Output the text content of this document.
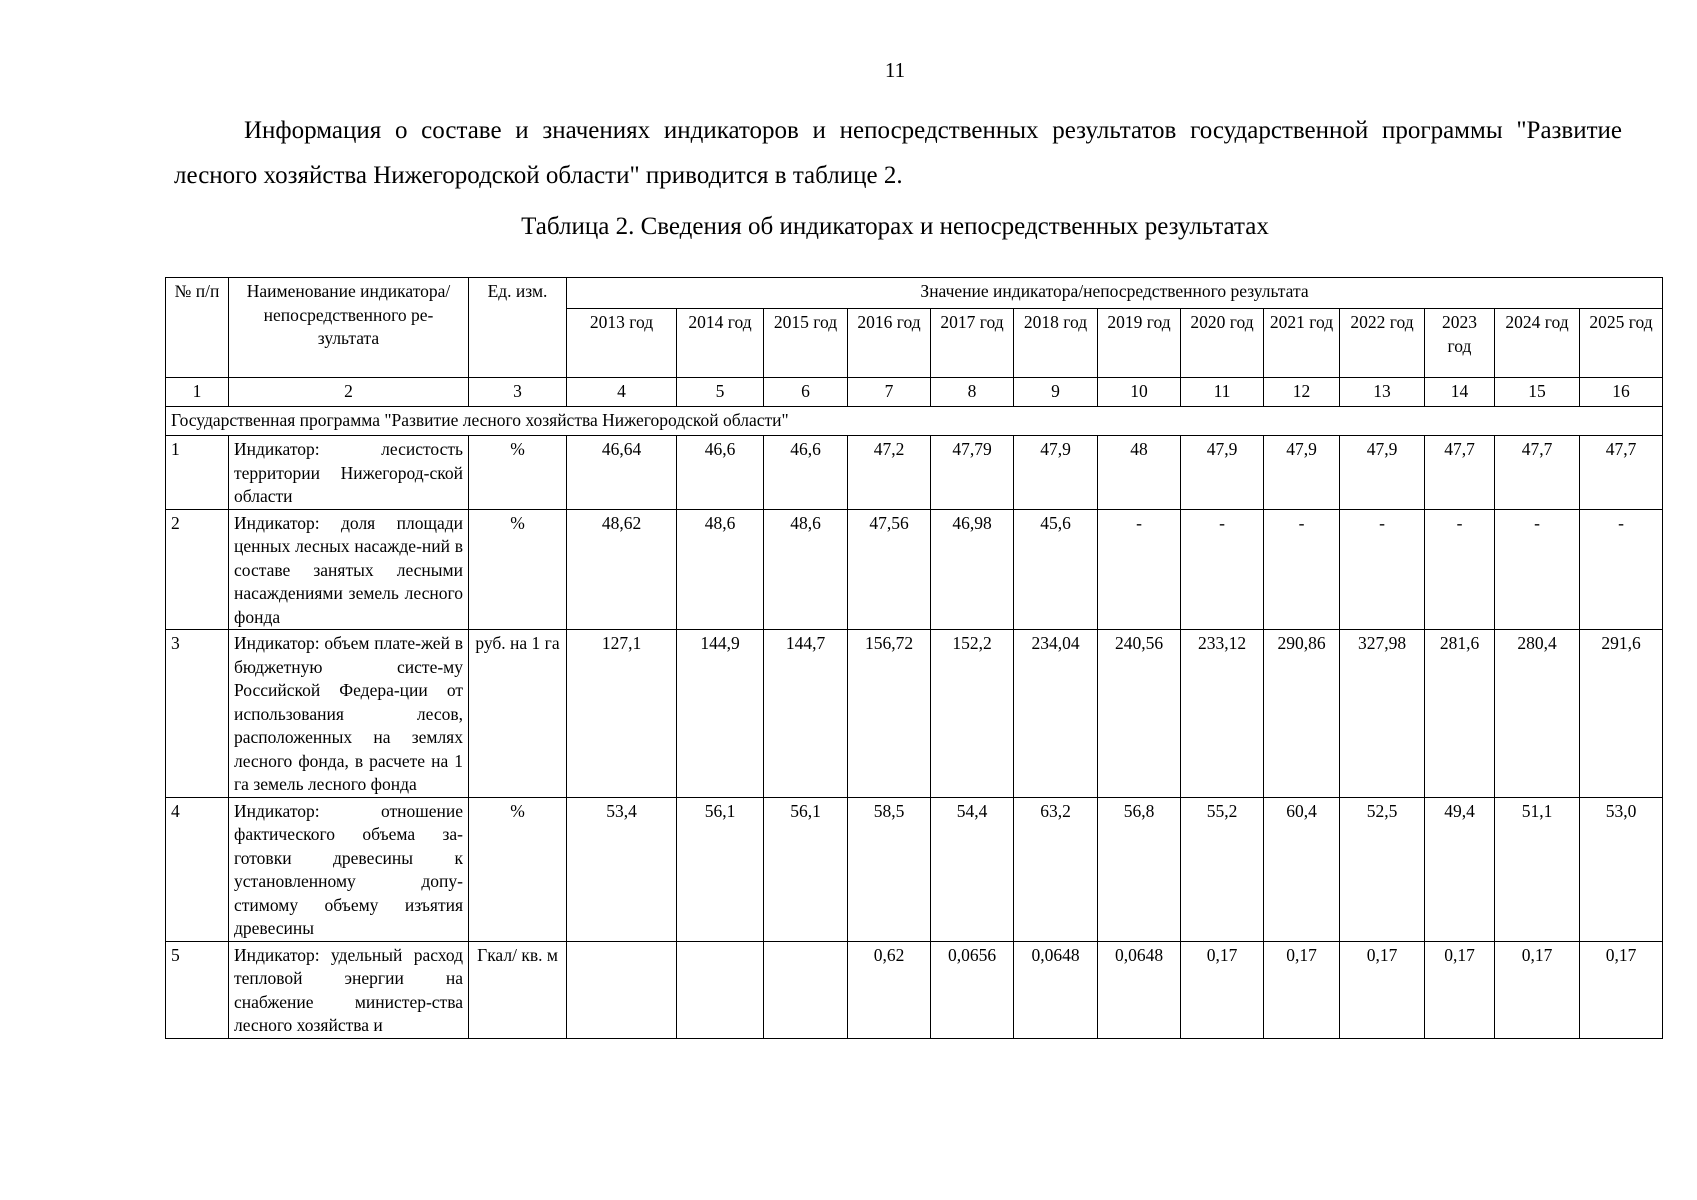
11

Информация о составе и значениях индикаторов и непосредственных результатов государственной программы "Развитие лесного хозяйства Нижегородской области" приводится в таблице 2.

Таблица 2. Сведения об индикаторах и непосредственных результатах
№ п/п	Наименование индикатора/ непосредственного ре-зультата	Ед. изм.	Значение индикатора/непосредственного результата												
			2013 год	2014 год	2015 год	2016 год	2017 год	2018 год	2019 год	2020 год	2021 год	2022 год	2023 год	2024 год	2025 год
1	2	3	4	5	6	7	8	9	10	11	12	13	14	15	16
Государственная программа "Развитие лесного хозяйства Нижегородской области"															
1	Индикатор: лесистость территории Нижегород-ской области	%	46,64	46,6	46,6	47,2	47,79	47,9	48	47,9	47,9	47,9	47,7	47,7	47,7
2	Индикатор: доля площади ценных лесных насажде-ний в составе занятых лесными насаждениями земель лесного фонда	%	48,62	48,6	48,6	47,56	46,98	45,6	-	-	-	-	-	-	-
3	Индикатор: объем плате-жей в бюджетную систе-му Российской Федера-ции от использования лесов, расположенных на землях лесного фонда, в расчете на 1 га земель лесного фонда	руб. на 1 га	127,1	144,9	144,7	156,72	152,2	234,04	240,56	233,12	290,86	327,98	281,6	280,4	291,6
4	Индикатор: отношение фактического объема за-готовки древесины к установленному допу-стимому объему изъятия древесины	%	53,4	56,1	56,1	58,5	54,4	63,2	56,8	55,2	60,4	52,5	49,4	51,1	53,0
5	Индикатор: удельный расход тепловой энергии на снабжение министер-ства лесного хозяйства и	Гкал/ кв. м				0,62	0,0656	0,0648	0,0648	0,17	0,17	0,17	0,17	0,17	0,17
